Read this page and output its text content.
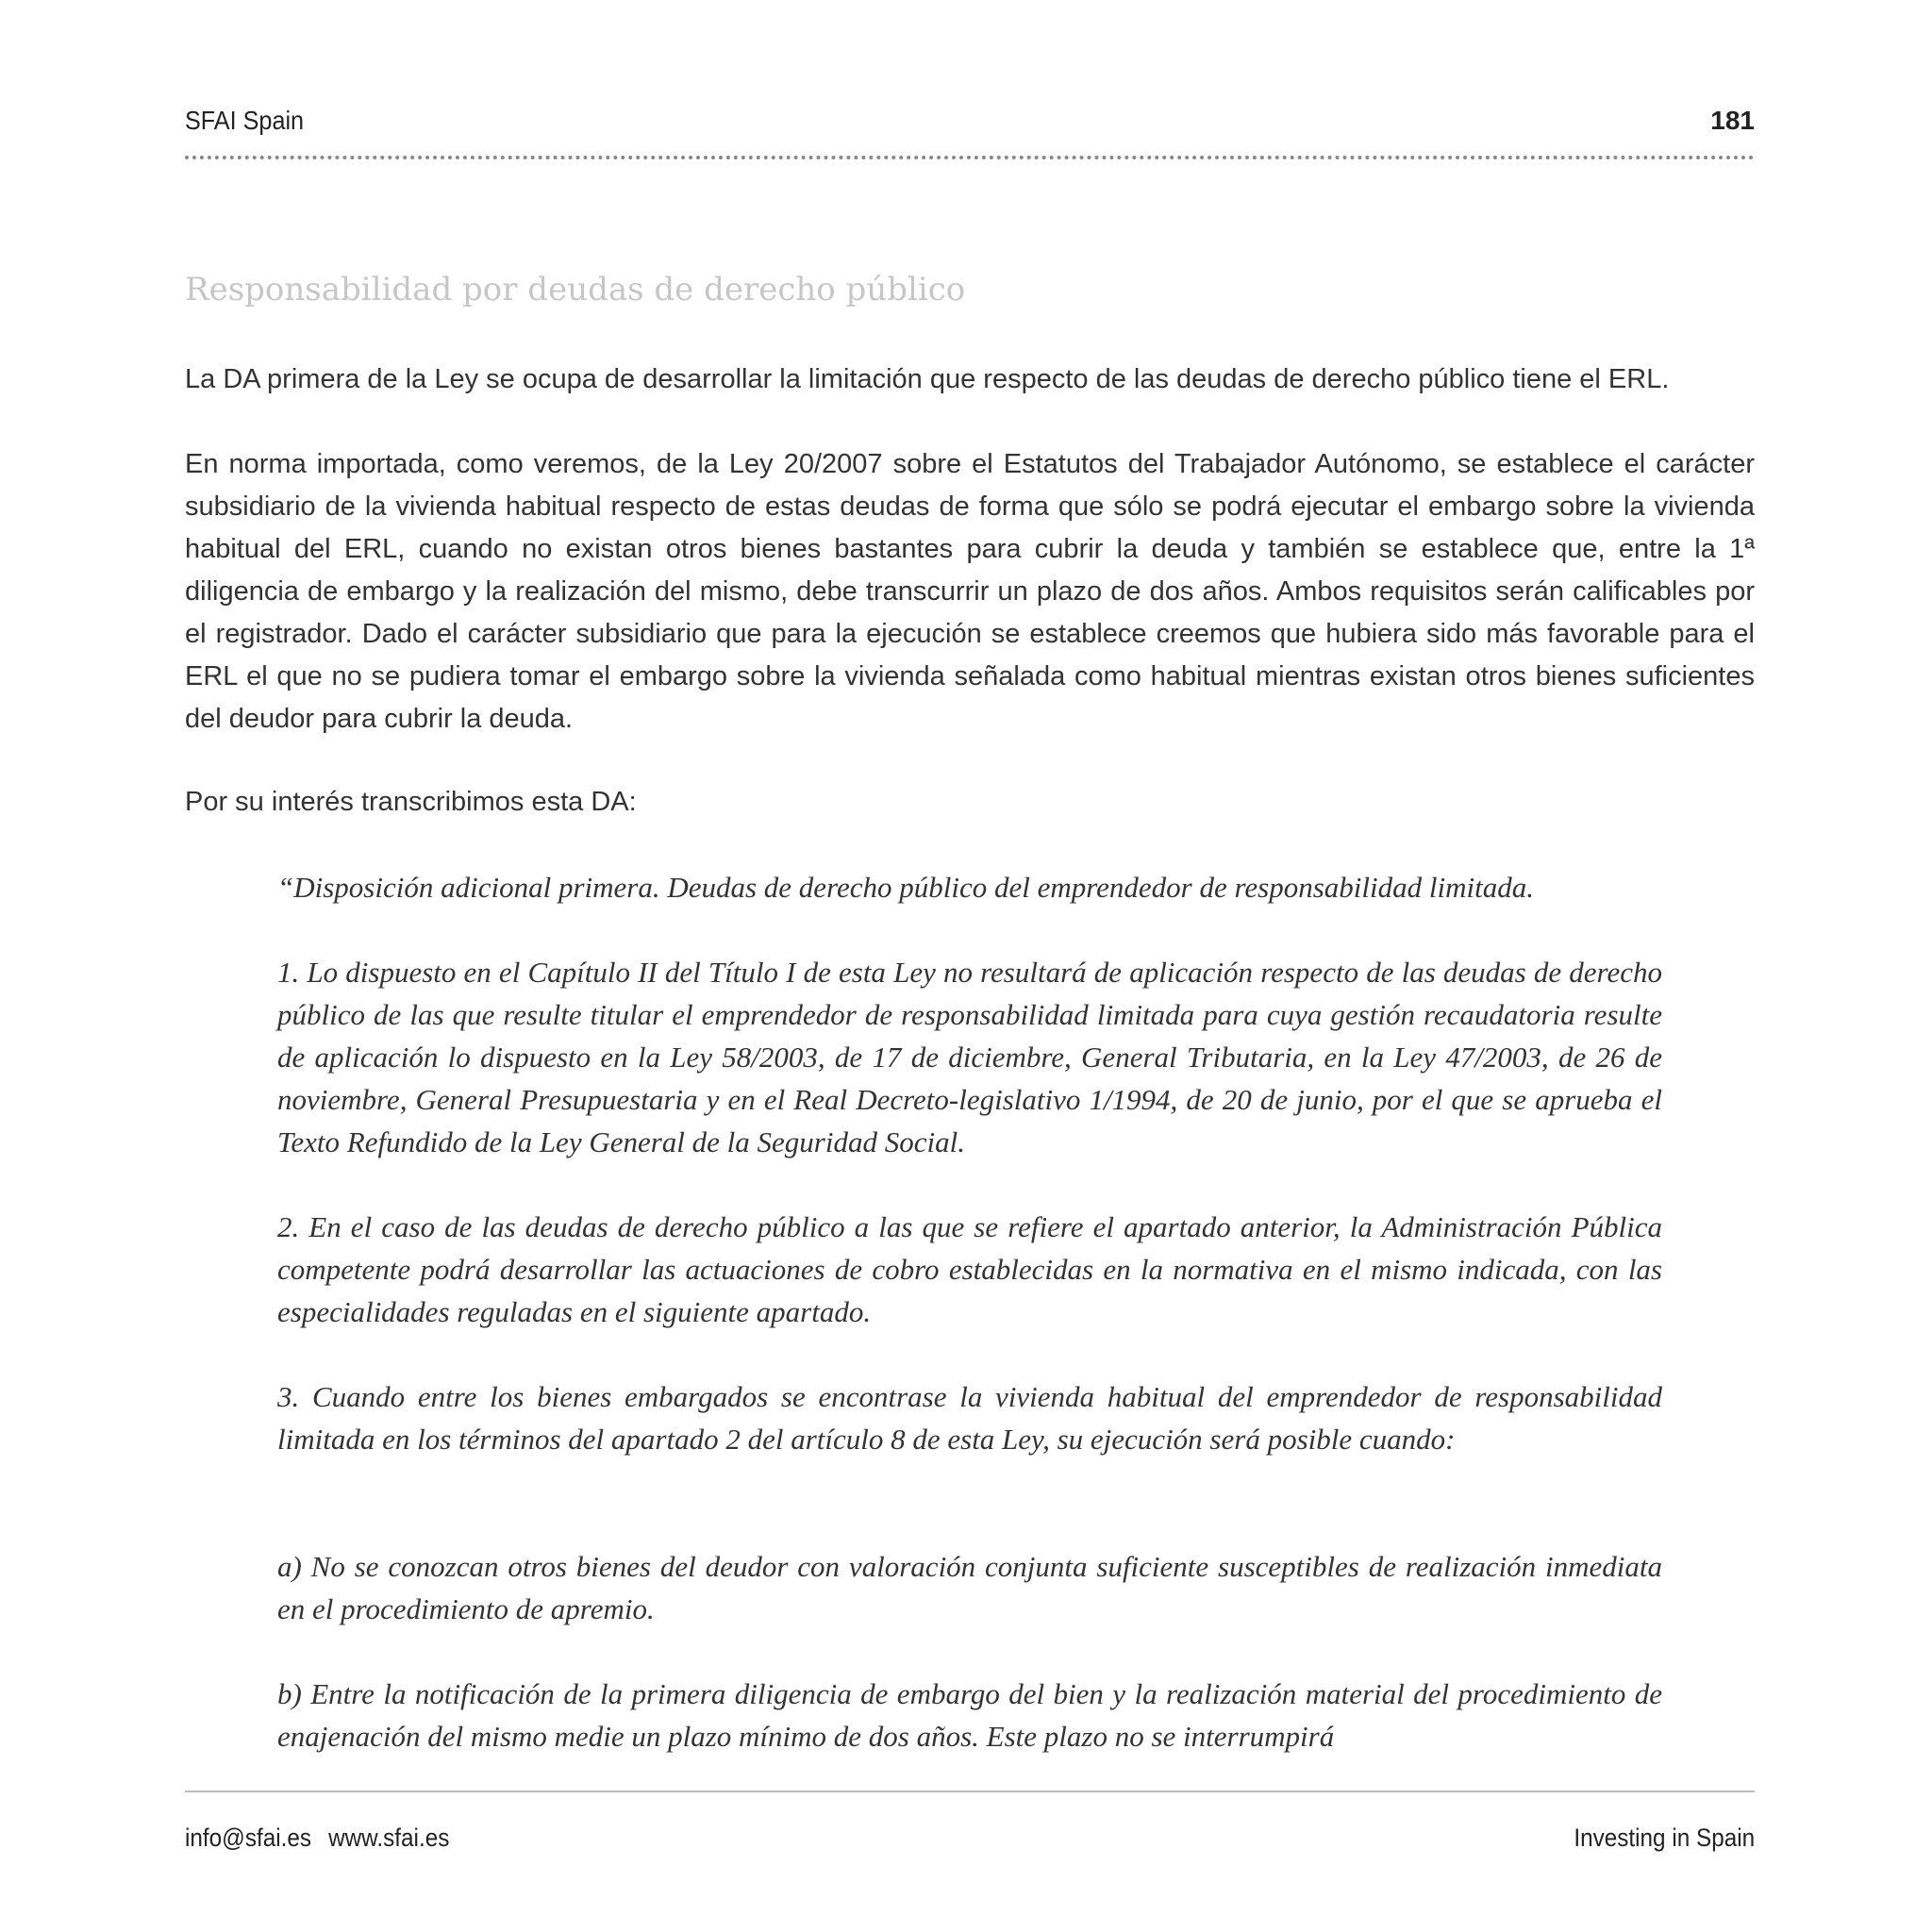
SFAI Spain	181
Responsabilidad por deudas de derecho público

La DA primera de la Ley se ocupa de desarrollar la limitación que respecto de las deudas de derecho público tiene el ERL.

En norma importada, como veremos, de la Ley 20/2007 sobre el Estatutos del Trabajador Autónomo, se establece el carácter subsidiario de la vivienda habitual respecto de estas deudas de forma que sólo se podrá ejecutar el embargo sobre la vivienda habitual del ERL, cuando no existan otros bienes bastantes para cubrir la deuda y también se establece que, entre la 1ª diligencia de embargo y la realización del mismo, debe transcurrir un plazo de dos años. Ambos requisitos serán calificables por el registrador. Dado el carácter subsidiario que para la ejecución se establece creemos que hubiera sido más favorable para el ERL el que no se pudiera tomar el embargo sobre la vivienda señalada como habitual mientras existan otros bienes suficientes del deudor para cubrir la deuda.

Por su interés transcribimos esta DA:

“Disposición adicional primera. Deudas de derecho público del emprendedor de responsabilidad limitada.

1. Lo dispuesto en el Capítulo II del Título I de esta Ley no resultará de aplicación respecto de las deudas de derecho público de las que resulte titular el emprendedor de responsabilidad limitada para cuya gestión recaudatoria resulte de aplicación lo dispuesto en la Ley 58/2003, de 17 de diciembre, General Tributaria, en la Ley 47/2003, de 26 de noviembre, General Presupuestaria y en el Real Decreto-legislativo 1/1994, de 20 de junio, por el que se aprueba el Texto Refundido de la Ley General de la Seguridad Social.

2. En el caso de las deudas de derecho público a las que se refiere el apartado anterior, la Administración Pública competente podrá desarrollar las actuaciones de cobro establecidas en la normativa en el mismo indicada, con las especialidades reguladas en el siguiente apartado.

3. Cuando entre los bienes embargados se encontrase la vivienda habitual del emprendedor de responsabilidad limitada en los términos del apartado 2 del artículo 8 de esta Ley, su ejecución será posible cuando:

a) No se conozcan otros bienes del deudor con valoración conjunta suficiente susceptibles de realización inmediata en el procedimiento de apremio.

b) Entre la notificación de la primera diligencia de embargo del bien y la realización material del procedimiento de enajenación del mismo medie un plazo mínimo de dos años. Este plazo no se interrumpirá

info@sfai.es www.sfai.es	Investing in Spain
